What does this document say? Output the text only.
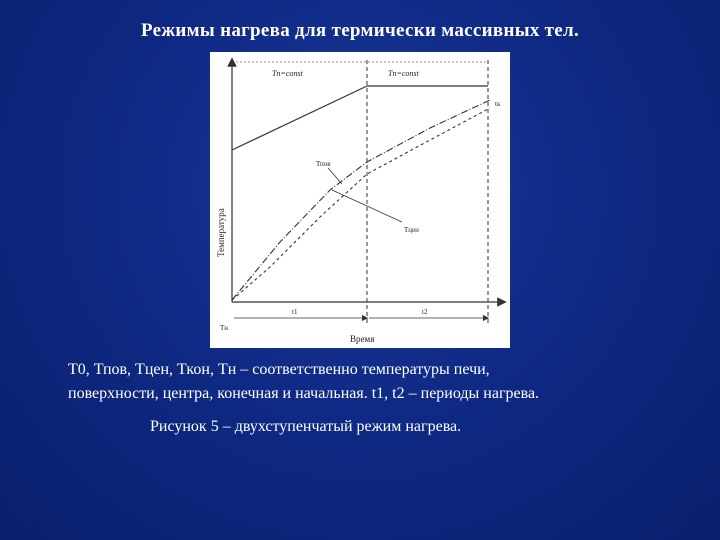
Режимы нагрева для термически массивных тел.
Tп=const	Tп=const
tк
Тпов
Тцен
Тн
t1	t2
Время
Температура
Т0, Тпов, Тцен, Ткон, Тн – соответственно температуры печи,
поверхности, центра, конечная и начальная. t1, t2 – периоды нагрева.
Рисунок 5 – двухступенчатый режим нагрева.
